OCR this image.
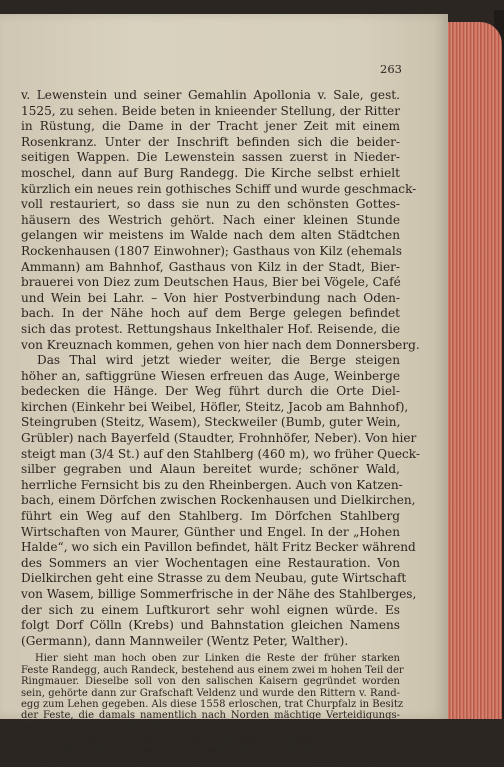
263
v. Lewenstein und seiner Gemahlin Apollonia v. Sale, gest.
1525, zu sehen. Beide beten in knieender Stellung, der Ritter
in Rüstung, die Dame in der Tracht jener Zeit mit einem
Rosenkranz. Unter der Inschrift befinden sich die beider-
seitigen Wappen. Die Lewenstein sassen zuerst in Nieder-
moschel, dann auf Burg Randegg. Die Kirche selbst erhielt
kürzlich ein neues rein gothisches Schiff und wurde geschmack-
voll restauriert, so dass sie nun zu den schönsten Gottes-
häusern des Westrich gehört. Nach einer kleinen Stunde
gelangen wir meistens im Walde nach dem alten Städtchen
Rockenhausen (1807 Einwohner); Gasthaus von Kilz (ehemals
Ammann) am Bahnhof, Gasthaus von Kilz in der Stadt, Bier-
brauerei von Diez zum Deutschen Haus, Bier bei Vögele, Café
und Wein bei Lahr. – Von hier Postverbindung nach Oden-
bach. In der Nähe hoch auf dem Berge gelegen befindet
sich das protest. Rettungshaus Inkelthaler Hof. Reisende, die
von Kreuznach kommen, gehen von hier nach dem Donnersberg.
Das Thal wird jetzt wieder weiter, die Berge steigen
höher an, saftiggrüne Wiesen erfreuen das Auge, Weinberge
bedecken die Hänge. Der Weg führt durch die Orte Diel-
kirchen (Einkehr bei Weibel, Höfler, Steitz, Jacob am Bahnhof),
Steingruben (Steitz, Wasem), Steckweiler (Bumb, guter Wein,
Grübler) nach Bayerfeld (Staudter, Frohnhöfer, Neber). Von hier
steigt man (3/4 St.) auf den Stahlberg (460 m), wo früher Queck-
silber gegraben und Alaun bereitet wurde; schöner Wald,
herrliche Fernsicht bis zu den Rheinbergen. Auch von Katzen-
bach, einem Dörfchen zwischen Rockenhausen und Dielkirchen,
führt ein Weg auf den Stahlberg. Im Dörfchen Stahlberg
Wirtschaften von Maurer, Günther und Engel. In der „Hohen
Halde“, wo sich ein Pavillon befindet, hält Fritz Becker während
des Sommers an vier Wochentagen eine Restauration. Von
Dielkirchen geht eine Strasse zu dem Neubau, gute Wirtschaft
von Wasem, billige Sommerfrische in der Nähe des Stahlberges,
der sich zu einem Luftkurort sehr wohl eignen würde. Es
folgt Dorf Cölln (Krebs) und Bahnstation gleichen Namens
(Germann), dann Mannweiler (Wentz Peter, Walther).
Hier sieht man hoch oben zur Linken die Reste der früher starken
Feste Randegg, auch Randeck, bestehend aus einem zwei m hohen Teil der
Ringmauer. Dieselbe soll von den salischen Kaisern gegründet worden
sein, gehörte dann zur Grafschaft Veldenz und wurde den Rittern v. Rand-
egg zum Lehen gegeben. Als diese 1558 erloschen, trat Churpfalz in Besitz
der Feste, die damals namentlich nach Norden mächtige Verteidigungs-
werke besass. Nach dem 30jährigen Kriege, der die Burg verschont hatte,
belehnte Kaiser Ferdinand III. den Generalwachtmeister und deutschen
Ordensritter Hans Ludwig von Lewenstein mit derselben und als die
Lewensteiner 1668 ausstarben, kam sie in Besitz der Reigersberg, die in
